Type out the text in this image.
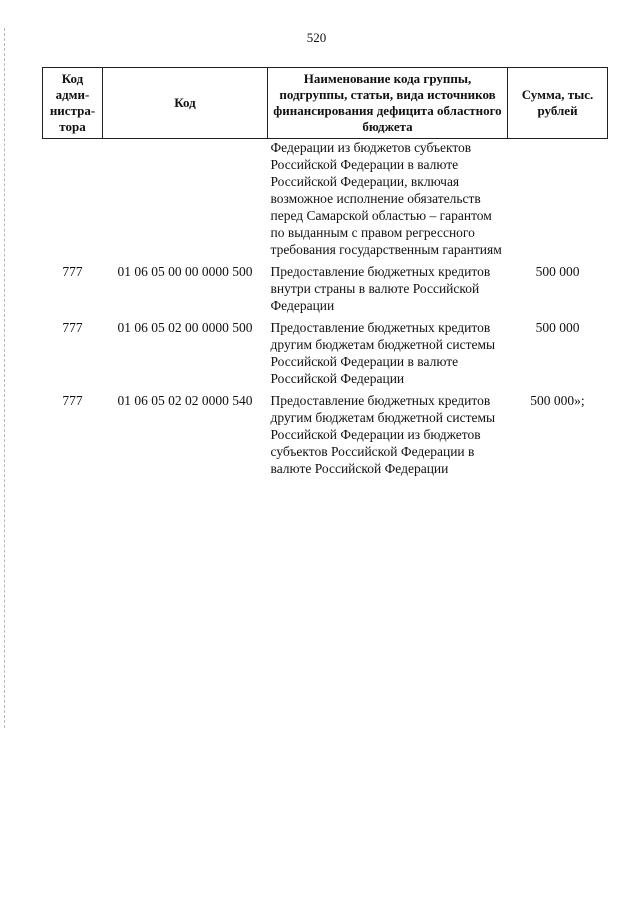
520
Код адми-нистра-тора	Код	Наименование кода группы, подгруппы, статьи, вида источников финансирования дефицита областного бюджета	Сумма, тыс. рублей
		Федерации из бюджетов субъектов Российской Федерации в валюте Российской Федерации, включая возможное исполнение обязательств перед Самарской областью – гарантом по выданным с правом регрессного требования государственным гарантиям	
777	01 06 05 00 00 0000 500	Предоставление бюджетных кредитов внутри страны в валюте Российской Федерации	500 000
777	01 06 05 02 00 0000 500	Предоставление бюджетных кредитов другим бюджетам бюджетной системы Российской Федерации в валюте Российской Федерации	500 000
777	01 06 05 02 02 0000 540	Предоставление бюджетных кредитов другим бюджетам бюджетной системы Российской Федерации из бюджетов субъектов Российской Федерации в валюте Российской Федерации	500 000»;
